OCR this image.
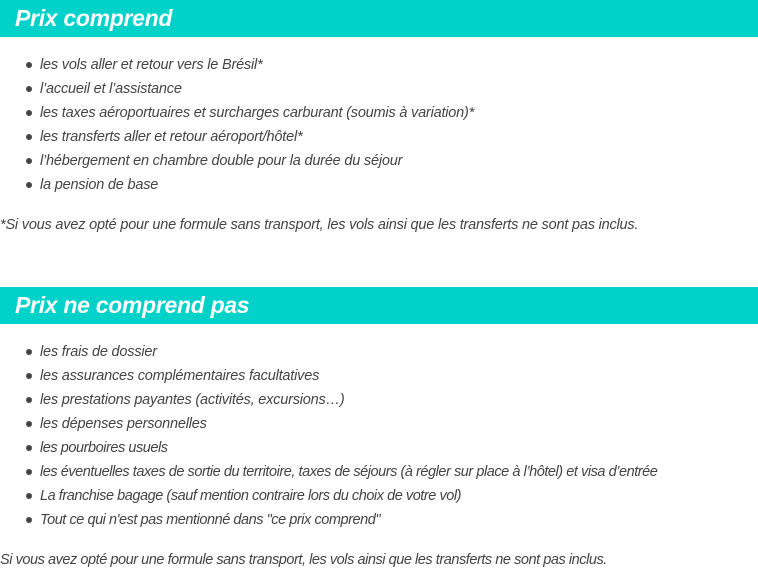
Prix comprend
les vols aller et retour vers le Brésil*
l’accueil et l’assistance
les taxes aéroportuaires et surcharges carburant (soumis à variation)*
les transferts aller et retour aéroport/hôtel*
l’hébergement en chambre double pour la durée du séjour
la pension de base

*Si vous avez opté pour une formule sans transport, les vols ainsi que les transferts ne sont pas inclus.

Prix ne comprend pas
les frais de dossier
les assurances complémentaires facultatives
les prestations payantes (activités, excursions…)
les dépenses personnelles
les pourboires usuels
les éventuelles taxes de sortie du territoire, taxes de séjours (à régler sur place à l’hôtel) et visa d’entrée
La franchise bagage (sauf mention contraire lors du choix de votre vol)
Tout ce qui n'est pas mentionné dans "ce prix comprend"

Si vous avez opté pour une formule sans transport, les vols ainsi que les transferts ne sont pas inclus.
